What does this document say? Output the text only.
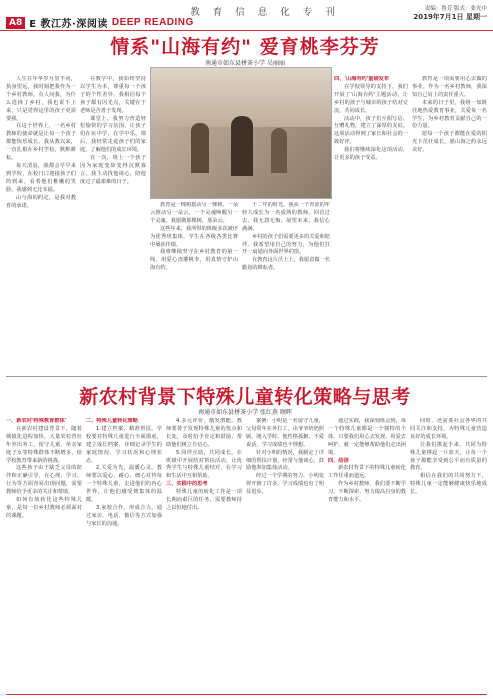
教 育 信 息 化 专 刊
A8 E 教江苏·深阅读 DEEP READING
责编：鲁芳 版式：张光中
2019年7月1日 星期一
情系"山海有约" 爱育桃李芬芳
南通市如东县栟茶小学 吴丽丽

人生在年华岁月里不同，执身望远，我时刻把我作为一个乡村教师。有人问我，为什么选择了乡村，我也说不上来，只是觉得这里的孩子更需要我。

在这个世界上，一名乡村教师的使命就是让每一个孩子都能快乐成长。我从教以来，一直扎根在乡村学校，默默耕耘。

每天清晨，我都会早早来到学校，在校门口迎接孩子们的到来。看着他们稚嫩的笑脸，我感到无比幸福。

山与海的约定，是我对教育的承诺。

在教学中，我始终坚持以学生为本，尊重每一个孩子的个性差异。我相信每个孩子都有闪光点，关键在于老师是否善于发现。

课堂上，我努力营造轻松愉快的学习氛围，让孩子们在玩中学、在学中乐。课后，我经常走进孩子们的家庭，了解他们的成长环境。

有一次，班上一个孩子因为家庭变故变得沉默寡言，我主动找他谈心，陪他度过了最艰难的日子。

教育是一棵树摇动另一棵树，一朵云推动另一朵云，一个灵魂唤醒另一个灵魂。我愿做那棵树，那朵云。

这些年来，我所带的班级多次被评为优秀班集体，学生在各级各类比赛中屡获佳绩。

我将继续坚守在乡村教育的第一线，用爱心浇灌桃李，用真情守护山海有约。

十二年的时光，我从一个青涩的年轻人成长为一名成熟的教师。回首过去，我无怨无悔；展望未来，我信心满满。

乡村的孩子们需要更多的关爱和陪伴。我希望用自己的努力，为他们打开一扇通向外面世界的窗。

在教育这片沃土上，我愿意做一名勤恳的耕耘者。

四、'山海有约'重磅发布

在学校领导的支持下，我们开展了'山海有约'主题活动，让乡村的孩子与城市的孩子结对交流，共同成长。

活动中，孩子们互相写信、互赠礼物，建立了深厚的友谊。这项活动得到了家长和社会的一致好评。

我们将继续深化这项活动，让更多的孩子受益。

教育是一项需要用心去做的事业。作为一名乡村教师，我深知自己肩上的责任重大。

未来的日子里，我将一如既往地热爱教育事业，关爱每一名学生，为乡村教育贡献自己的一份力量。

愿每一个孩子都能在爱的阳光下茁壮成长，愿山海之约永远美好。

新农村背景下特殊儿童转化策略与思考
南通市如东县栟茶小学 张红燕 顾晖

一、新农村'特殊教育群体'

在新农村建设背景下，随着城镇化进程加快，大量农村青壮年外出务工，留守儿童、单亲家庭子女等特殊群体不断增多，给学校教育带来新的挑战。

这些孩子由于缺乏父母的陪伴和正确引导，在心理、学习、行为等方面容易出现问题，需要教师给予更多的关注和帮助。

如何有效转化这些特殊儿童，是每一位乡村教师必须面对的课题。

二、特殊儿童转化策略

1.建立档案，精准帮扶。学校要对特殊儿童进行全面摸底，建立成长档案，详细记录学生的家庭情况、学习状况和心理状态。

2.关爱为先，温暖心灵。教师要以爱心、耐心、细心对待每一个特殊儿童，走进他们的内心世界，让他们感受到集体的温暖。

3.家校合作，形成合力。通过家访、电话、微信等方式加强与家长的沟通。

4.多元评价，激发潜能。教师要善于发现特殊儿童的优点和长处，及时给予肯定和鼓励，帮助他们树立自信心。

5.同伴互助，共同成长。在班级中开展结对帮扶活动，让优秀学生与特殊儿童结对，在学习和生活中互相帮助。

三、实践中的思考

特殊儿童的转化工作是一项长期而艰巨的任务，需要教师持之以恒地付出。

案例：小明是一名留守儿童，父母常年在外打工，由爷爷奶奶照顾。刚入学时，他性格孤僻，不爱说话，学习成绩也不理想。

针对小明的情况，我制定了详细的帮扶计划，经常与他谈心，鼓励他参加集体活动。

经过一个学期的努力，小明变得开朗了许多，学习成绩也有了明显进步。

通过实践，我深刻体会到，每一个特殊儿童都是一个独特的个体，只要我们用心去发现、用爱去呵护，就一定能够帮助他们走出困境。

四、结语

新农村背景下的特殊儿童转化工作任重而道远。

作为乡村教师，我们要不断学习、不断探索，努力提高自身的教育能力和水平。

同时，还需要社会各界的共同关注和支持，为特殊儿童营造良好的成长环境。

让我们携起手来，共同为特殊儿童撑起一片蓝天，让每一个孩子都能享受到公平而有质量的教育。

相信在我们的共同努力下，特殊儿童一定能够健康快乐地成长。
